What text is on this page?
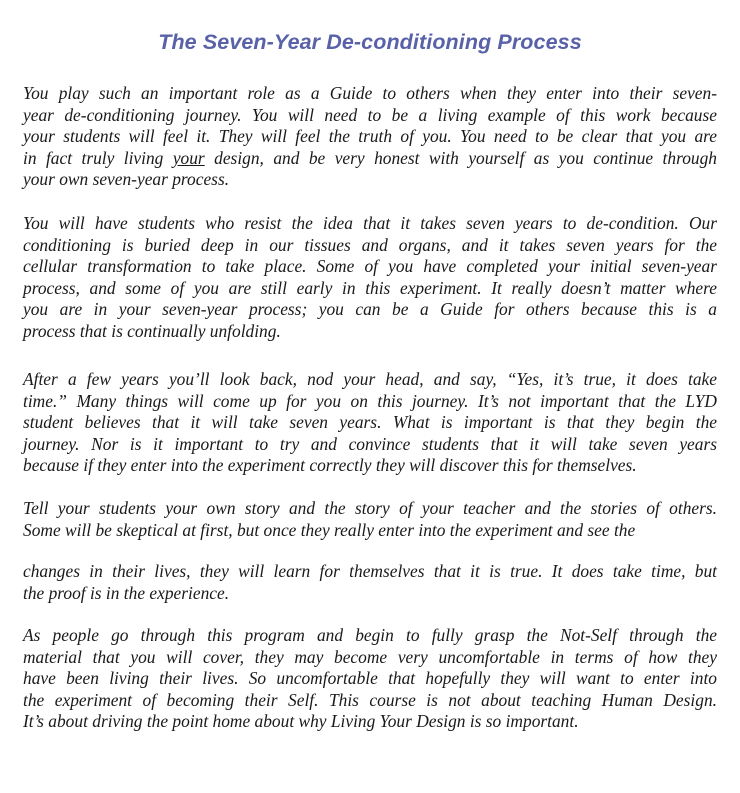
The Seven-Year De-conditioning Process
You play such an important role as a Guide to others when they enter into their seven-
year de-conditioning journey. You will need to be a living example of this work because
your students will feel it. They will feel the truth of you. You need to be clear that you are
in fact truly living your design, and be very honest with yourself as you continue through
your own seven-year process.
You will have students who resist the idea that it takes seven years to de-condition. Our
conditioning is buried deep in our tissues and organs, and it takes seven years for the
cellular transformation to take place. Some of you have completed your initial seven-year
process, and some of you are still early in this experiment. It really doesn’t matter where
you are in your seven-year process; you can be a Guide for others because this is a
process that is continually unfolding.
After a few years you’ll look back, nod your head, and say, “Yes, it’s true, it does take
time.” Many things will come up for you on this journey. It’s not important that the LYD
student believes that it will take seven years. What is important is that they begin the
journey. Nor is it important to try and convince students that it will take seven years
because if they enter into the experiment correctly they will discover this for themselves.
Tell your students your own story and the story of your teacher and the stories of others.
Some will be skeptical at first, but once they really enter into the experiment and see the
changes in their lives, they will learn for themselves that it is true. It does take time, but
the proof is in the experience.
As people go through this program and begin to fully grasp the Not-Self through the
material that you will cover, they may become very uncomfortable in terms of how they
have been living their lives. So uncomfortable that hopefully they will want to enter into
the experiment of becoming their Self. This course is not about teaching Human Design.
It’s about driving the point home about why Living Your Design is so important.
